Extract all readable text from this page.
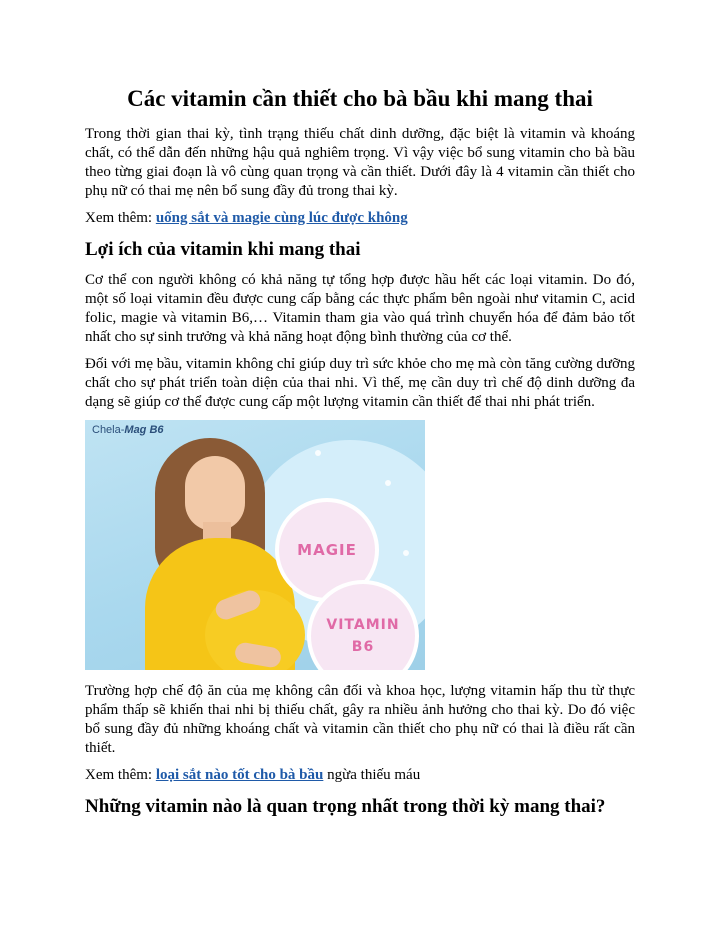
Các vitamin cần thiết cho bà bầu khi mang thai

Trong thời gian thai kỳ, tình trạng thiếu chất dinh dưỡng, đặc biệt là vitamin và khoáng chất, có thể dẫn đến những hậu quả nghiêm trọng. Vì vậy việc bổ sung vitamin cho bà bầu theo từng giai đoạn là vô cùng quan trọng và cần thiết. Dưới đây là 4 vitamin cần thiết cho phụ nữ có thai mẹ nên bổ sung đầy đủ trong thai kỳ.

Xem thêm: uống sắt và magie cùng lúc được không

Lợi ích của vitamin khi mang thai

Cơ thể con người không có khả năng tự tổng hợp được hầu hết các loại vitamin. Do đó, một số loại vitamin đều được cung cấp bằng các thực phẩm bên ngoài như vitamin C, acid folic, magie và vitamin B6,… Vitamin tham gia vào quá trình chuyển hóa để đảm bảo tốt nhất cho sự sinh trưởng và khả năng hoạt động bình thường của cơ thể.

Đối với mẹ bầu, vitamin không chỉ giúp duy trì sức khỏe cho mẹ mà còn tăng cường dưỡng chất cho sự phát triển toàn diện của thai nhi. Vì thế, mẹ cần duy trì chế độ dinh dưỡng đa dạng sẽ giúp cơ thể được cung cấp một lượng vitamin cần thiết để thai nhi phát triển.

Chela-Mag B6
MAGIE
VITAMIN
B6

Trường hợp chế độ ăn của mẹ không cân đối và khoa học, lượng vitamin hấp thu từ thực phẩm thấp sẽ khiến thai nhi bị thiếu chất, gây ra nhiều ảnh hưởng cho thai kỳ. Do đó việc bổ sung đầy đủ những khoáng chất và vitamin cần thiết cho phụ nữ có thai là điều rất cần thiết.

Xem thêm: loại sắt nào tốt cho bà bầu ngừa thiếu máu

Những vitamin nào là quan trọng nhất trong thời kỳ mang thai?
